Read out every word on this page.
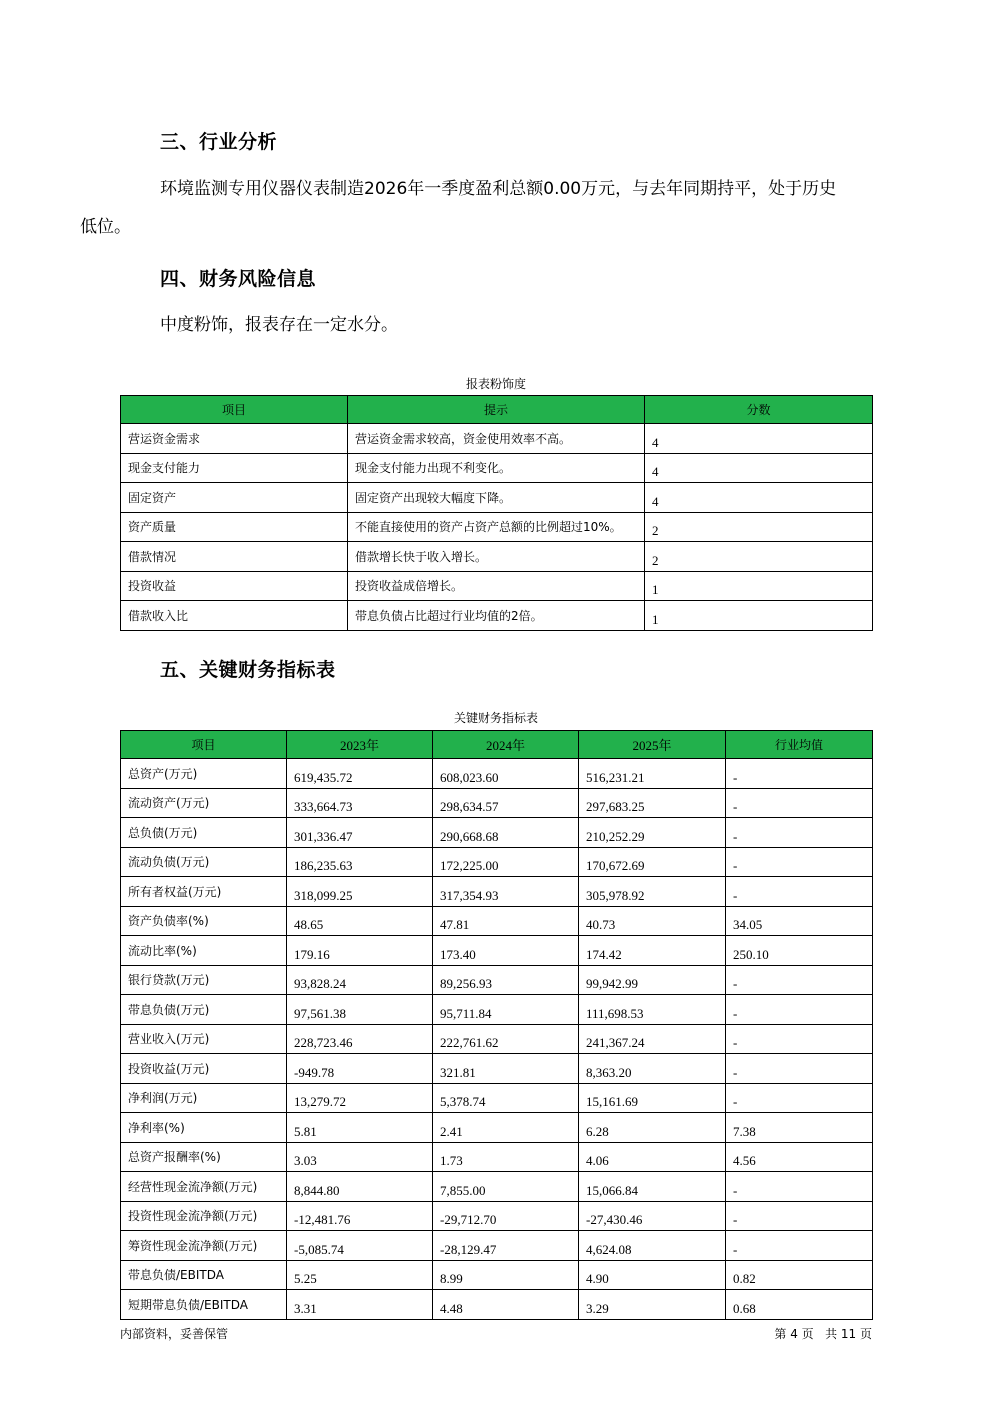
三、行业分析

环境监测专用仪器仪表制造2026年一季度盈利总额0.00万元，与去年同期持平，处于历史
低位。

四、财务风险信息

中度粉饰，报表存在一定水分。

报表粉饰度
项目	提示	分数
营运资金需求	营运资金需求较高，资金使用效率不高。	4
现金支付能力	现金支付能力出现不利变化。	4
固定资产	固定资产出现较大幅度下降。	4
资产质量	不能直接使用的资产占资产总额的比例超过10%。	2
借款情况	借款增长快于收入增长。	2
投资收益	投资收益成倍增长。	1
借款收入比	带息负债占比超过行业均值的2倍。	1
五、关键财务指标表
关键财务指标表
项目	2023年	2024年	2025年	行业均值
总资产(万元)	619,435.72	608,023.60	516,231.21	-
流动资产(万元)	333,664.73	298,634.57	297,683.25	-
总负债(万元)	301,336.47	290,668.68	210,252.29	-
流动负债(万元)	186,235.63	172,225.00	170,672.69	-
所有者权益(万元)	318,099.25	317,354.93	305,978.92	-
资产负债率(%)	48.65	47.81	40.73	34.05
流动比率(%)	179.16	173.40	174.42	250.10
银行贷款(万元)	93,828.24	89,256.93	99,942.99	-
带息负债(万元)	97,561.38	95,711.84	111,698.53	-
营业收入(万元)	228,723.46	222,761.62	241,367.24	-
投资收益(万元)	-949.78	321.81	8,363.20	-
净利润(万元)	13,279.72	5,378.74	15,161.69	-
净利率(%)	5.81	2.41	6.28	7.38
总资产报酬率(%)	3.03	1.73	4.06	4.56
经营性现金流净额(万元)	8,844.80	7,855.00	15,066.84	-
投资性现金流净额(万元)	-12,481.76	-29,712.70	-27,430.46	-
筹资性现金流净额(万元)	-5,085.74	-28,129.47	4,624.08	-
带息负债/EBITDA	5.25	8.99	4.90	0.82
短期带息负债/EBITDA	3.31	4.48	3.29	0.68
内部资料，妥善保管	第 4 页   共 11 页
